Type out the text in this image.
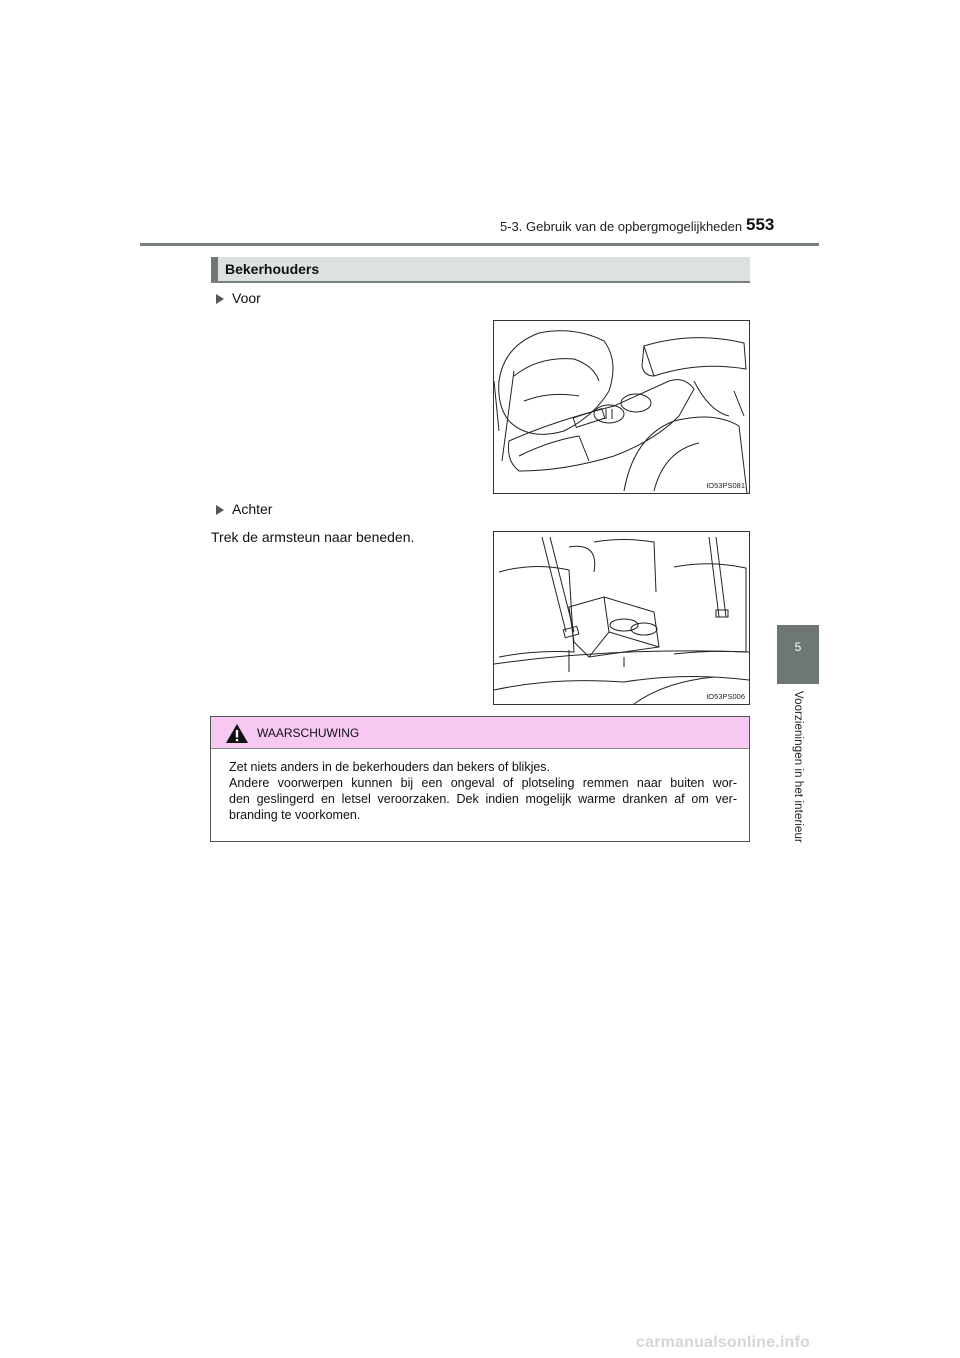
5-3. Gebruik van de opbergmogelijkheden 553
5
Voorzieningen in het interieur
Bekerhouders
Voor
IO53PS081
Achter
Trek de armsteun naar beneden.
IO53PS006
WAARSCHUWING

Zet niets anders in de bekerhouders dan bekers of blikjes.

Andere voorwerpen kunnen bij een ongeval of plotseling remmen naar buiten wor-

den geslingerd en letsel veroorzaken. Dek indien mogelijk warme dranken af om ver-

branding te voorkomen.

carmanualsonline.info
